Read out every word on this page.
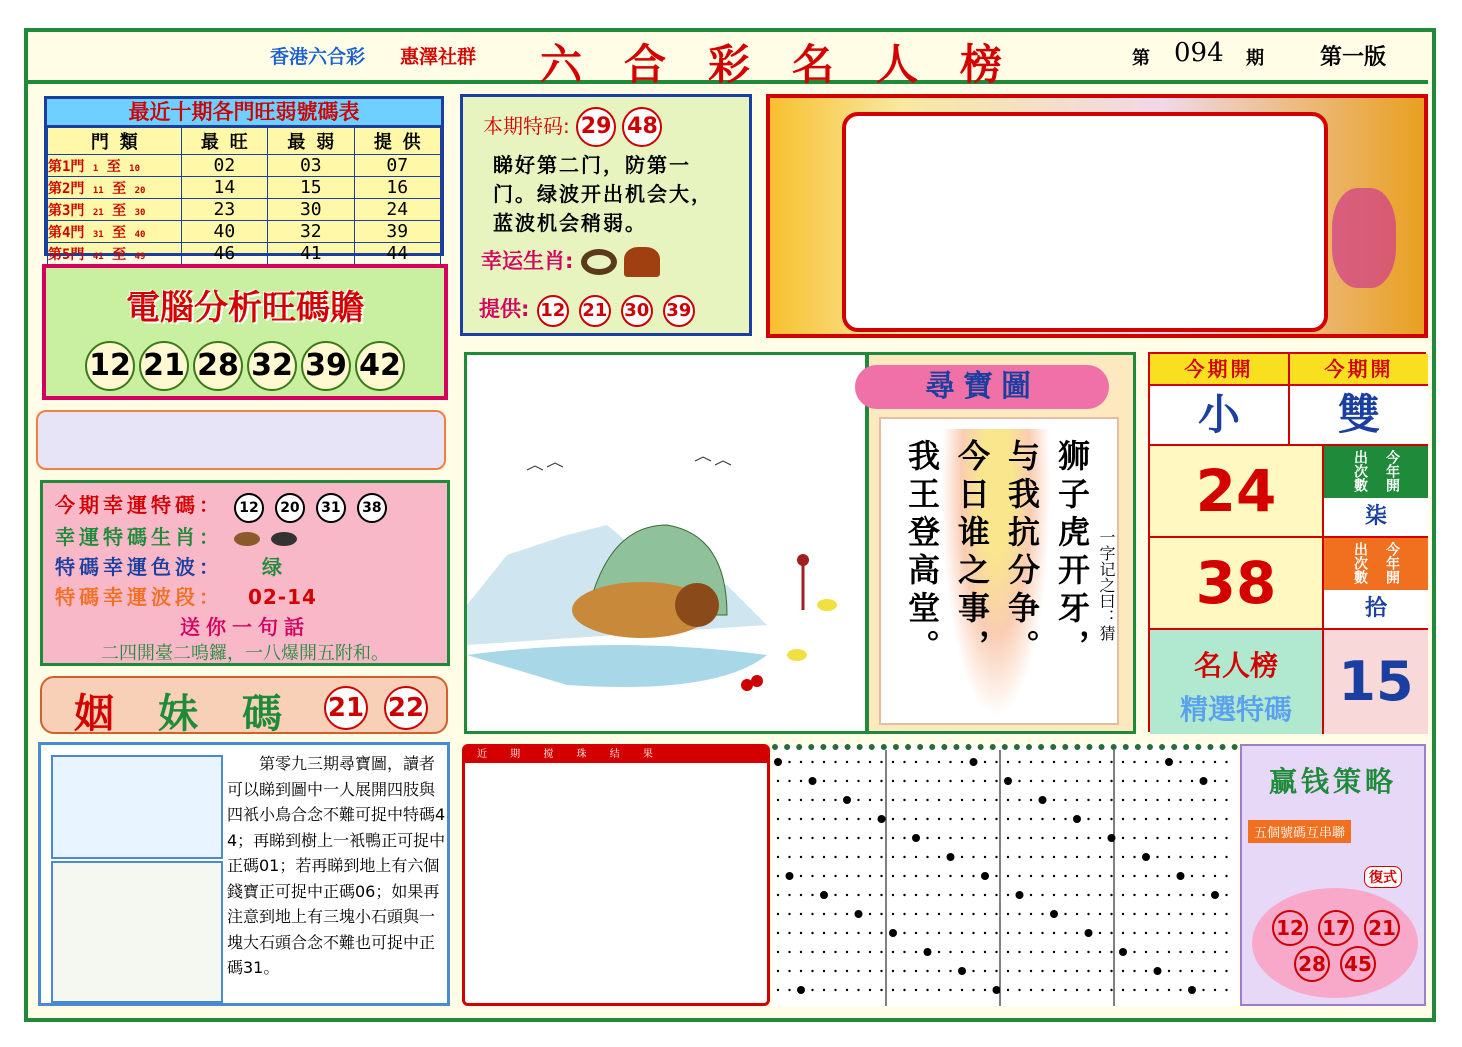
香港六合彩 惠澤社群 六合彩名人榜	第 094 期	第一版
最近十期各門旺弱號碼表
門 類	最 旺	最 弱	提 供
第1門 1 至 10	02	03	07
第2門 11 至 20	14	15	16
第3門 21 至 30	23	30	24
第4門 31 至 40	40	32	39
第5門 41 至 49	46	41	44
電腦分析旺碼贍
12 21 28 32 39 42
今期幸運特碼： 12 20 31 38
幸運特碼生肖：
特碼幸運色波： 绿
特碼幸運波段： 02-14
送你一句話
二四開臺二鳴鑼，一八爆開五附和。
姻 妹 碼 21 22
本期特码: 29 48
睇好第二门，防第一
门。绿波开出机会大，
蓝波机会稍弱。
幸运生肖:
提供: 12 21 30 39
尋寶圖
狮子虎开牙，
与我抗分争。
今日谁之事，
我王登高堂。	一字记之曰：猜
今期開	今期開
小	雙
24	出次數 今年開
柒
38	出次數 今年開
拾
名人榜
精選特碼 15
第零九三期尋寶圖，讀者可以睇到圖中一人展開四肢與四衹小鳥合念不難可捉中特碼44；再睇到樹上一衹鴨正可捉中正碼01；若再睇到地上有六個錢寶正可捉中正碼06；如果再注意到地上有三塊小石頭與一塊大石頭合念不難也可捉中正碼31。
近 期 搅 珠 结 果
赢钱策略
五個號碼互串聯
復式
12 17 21
28 45
